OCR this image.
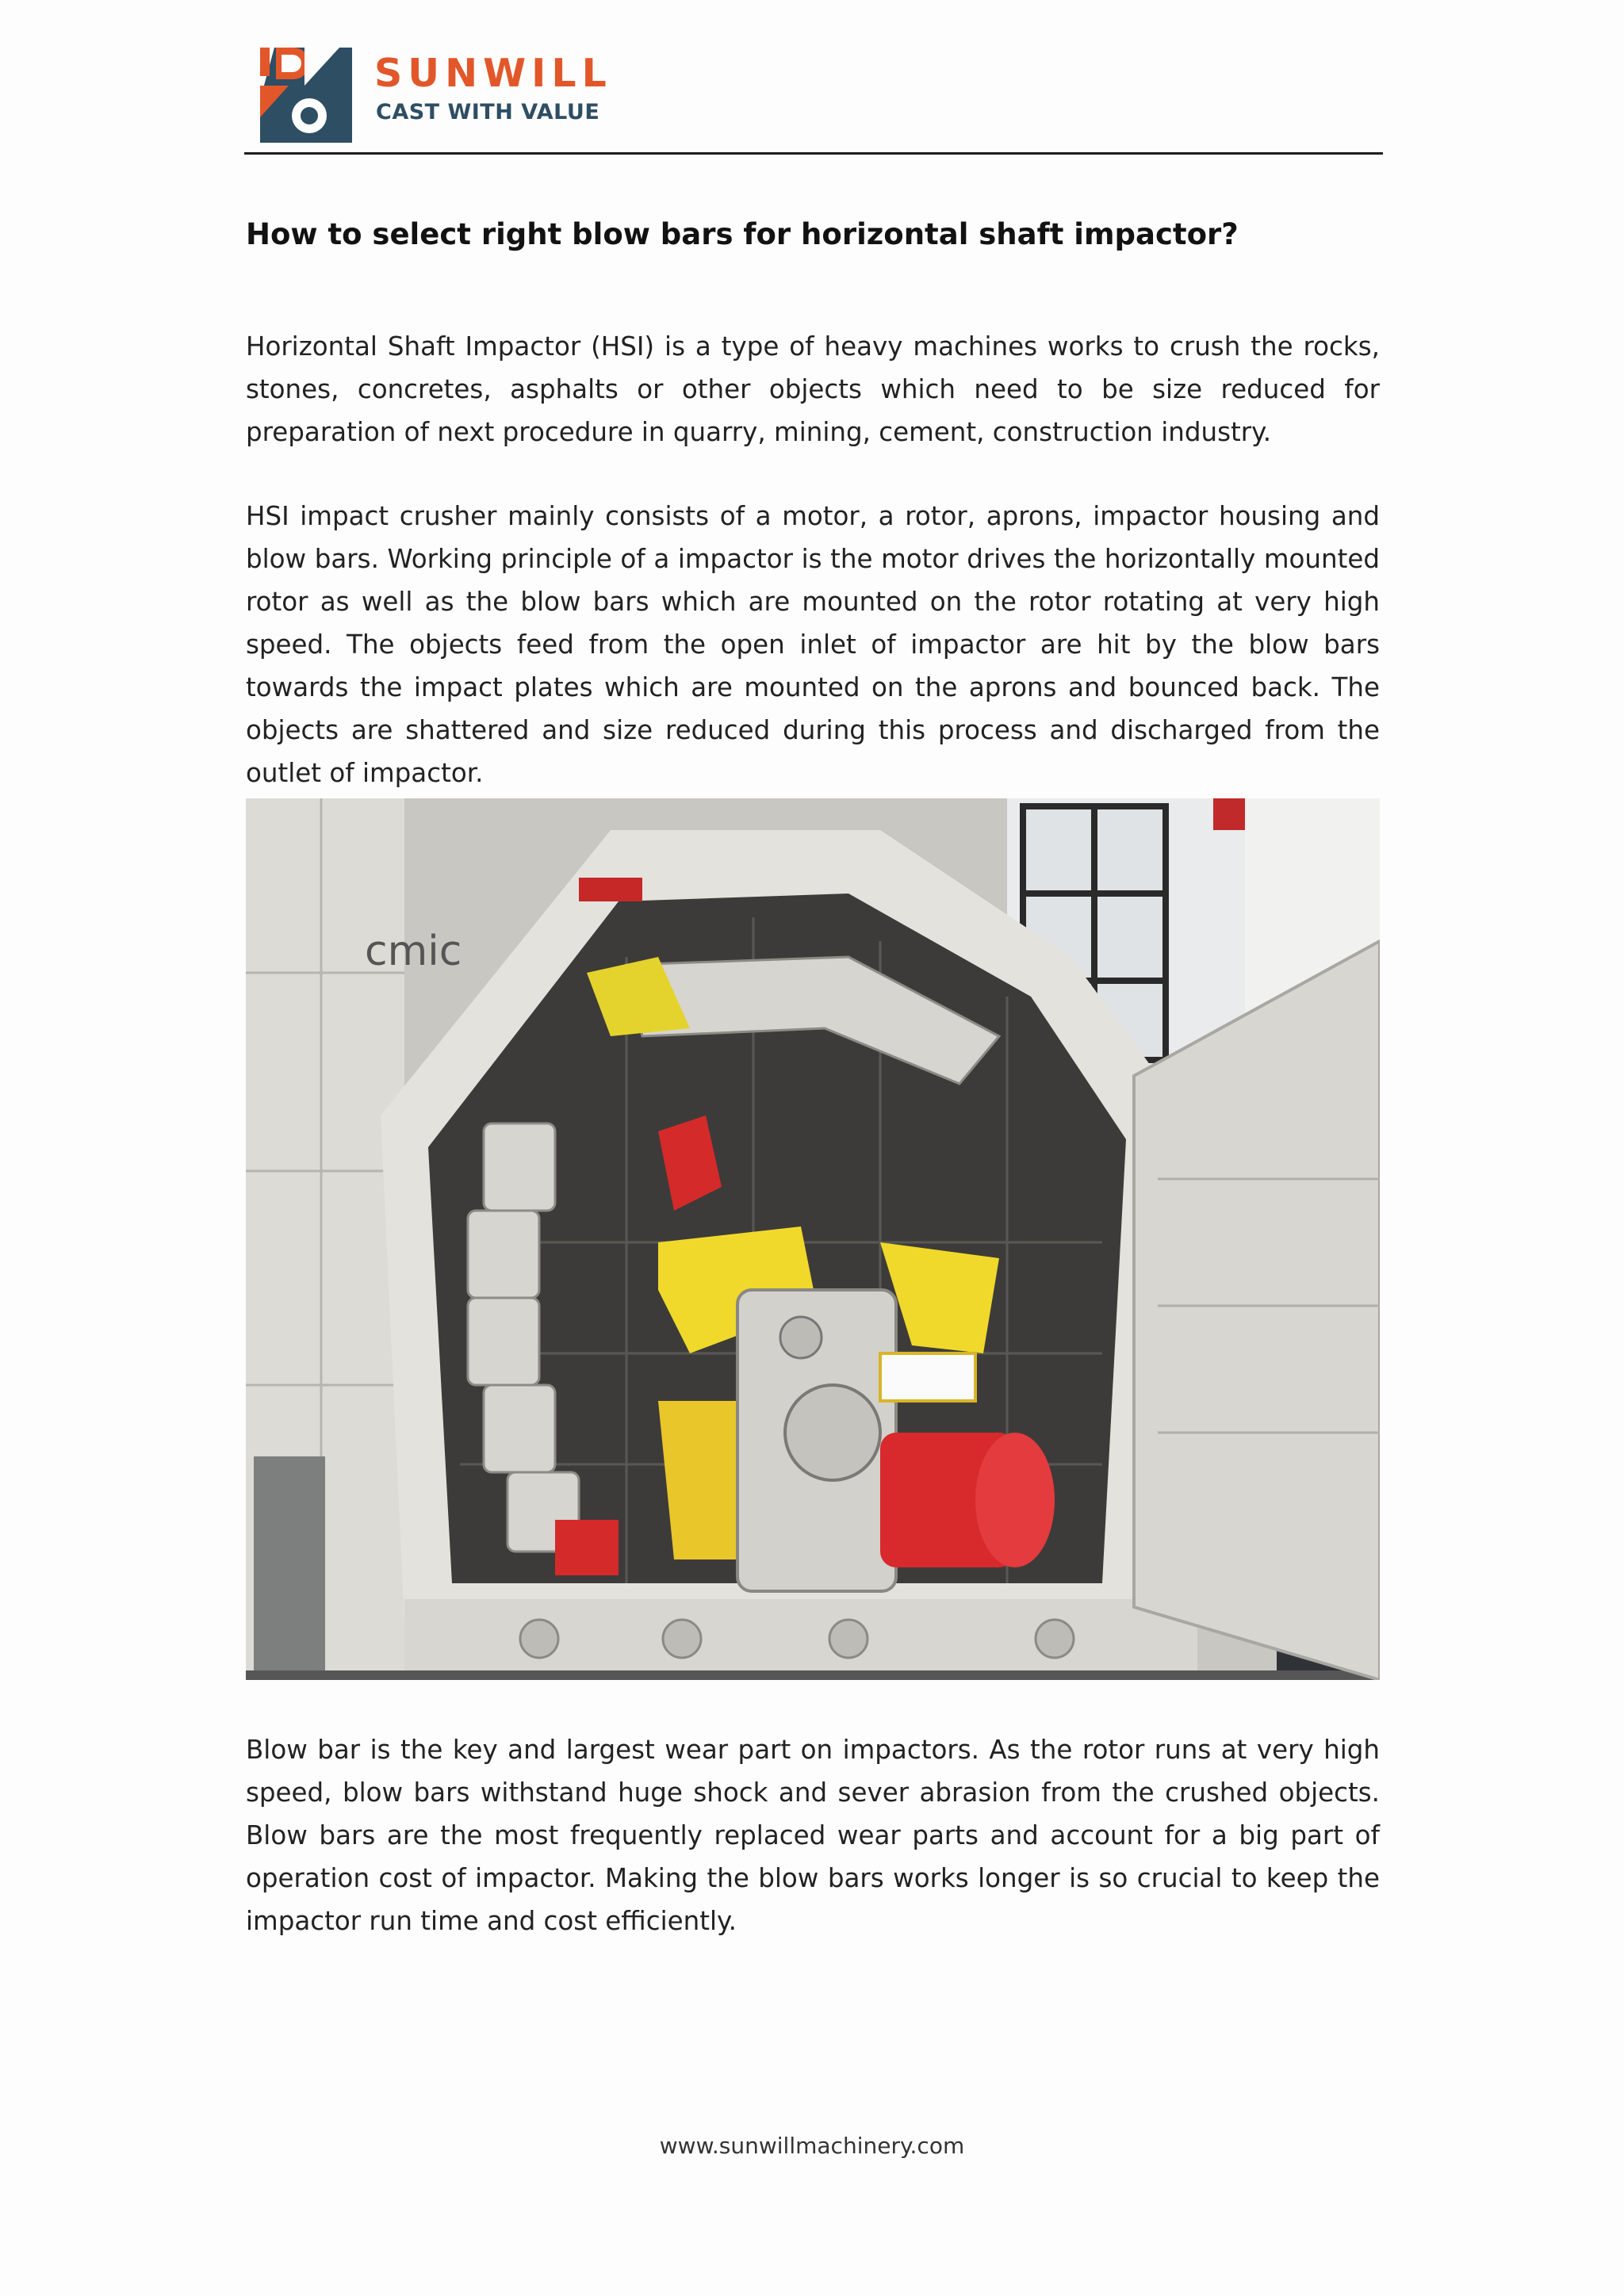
SUNWILL
CAST WITH VALUE
How to select right blow bars for horizontal shaft impactor?
Horizontal Shaft Impactor (HSI) is a type of heavy machines works to crush the rocks, stones, concretes, asphalts or other objects which need to be size reduced for preparation of next procedure in quarry, mining, cement, construction industry.
HSI impact crusher mainly consists of a motor, a rotor, aprons, impactor housing and blow bars. Working principle of a impactor is the motor drives the horizontally mounted rotor as well as the blow bars which are mounted on the rotor rotating at very high speed. The objects feed from the open inlet of impactor are hit by the blow bars towards the impact plates which are mounted on the aprons and bounced back. The objects are shattered and size reduced during this process and discharged from the outlet of impactor.
cmic
Blow bar is the key and largest wear part on impactors. As the rotor runs at very high speed, blow bars withstand huge shock and sever abrasion from the crushed objects. Blow bars are the most frequently replaced wear parts and account for a big part of operation cost of impactor. Making the blow bars works longer is so crucial to keep the impactor run time and cost efficiently.
www.sunwillmachinery.com
